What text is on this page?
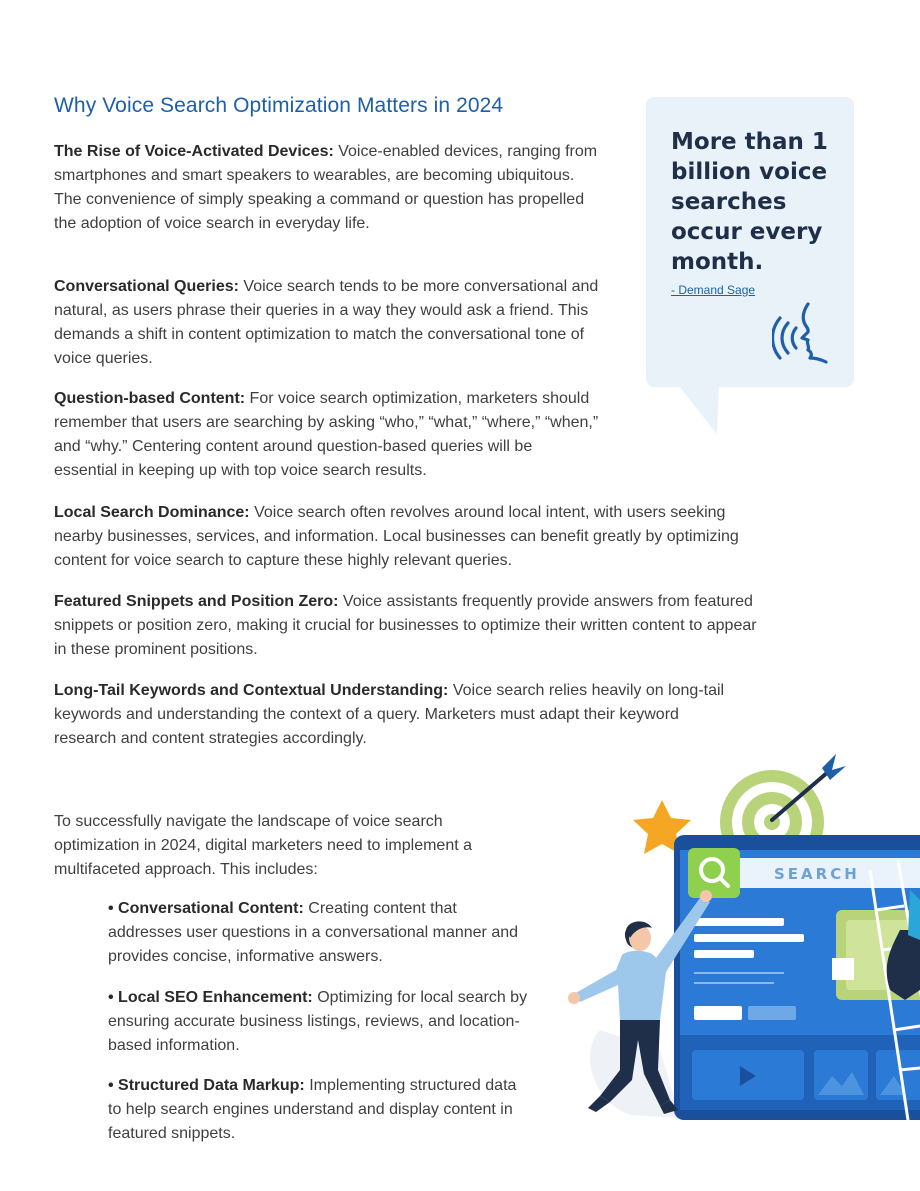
Why Voice Search Optimization Matters in 2024

The Rise of Voice-Activated Devices: Voice-enabled devices, ranging from smartphones and smart speakers to wearables, are becoming ubiquitous. The convenience of simply speaking a command or question has propelled the adoption of voice search in everyday life.

Conversational Queries: Voice search tends to be more conversational and natural, as users phrase their queries in a way they would ask a friend. This demands a shift in content optimization to match the conversational tone of voice queries.

Question-based Content: For voice search optimization, marketers should remember that users are searching by asking “who,” “what,” “where,” “when,” and “why.” Centering content around question-based queries will be essential in keeping up with top voice search results.

Local Search Dominance: Voice search often revolves around local intent, with users seeking nearby businesses, services, and information. Local businesses can benefit greatly by optimizing content for voice search to capture these highly relevant queries.

Featured Snippets and Position Zero: Voice assistants frequently provide answers from featured snippets or position zero, making it crucial for businesses to optimize their written content to appear in these prominent positions.

Long-Tail Keywords and Contextual Understanding: Voice search relies heavily on long-tail keywords and understanding the context of a query. Marketers must adapt their keyword research and content strategies accordingly.

To successfully navigate the landscape of voice search optimization in 2024, digital marketers need to implement a multifaceted approach. This includes:

• Conversational Content: Creating content that addresses user questions in a conversational manner and provides concise, informative answers.

• Local SEO Enhancement: Optimizing for local search by ensuring accurate business listings, reviews, and location-based information.

• Structured Data Markup: Implementing structured data to help search engines understand and display content in featured snippets.

More than 1 billion voice searches occur every month.

- Demand Sage
SEARCH
